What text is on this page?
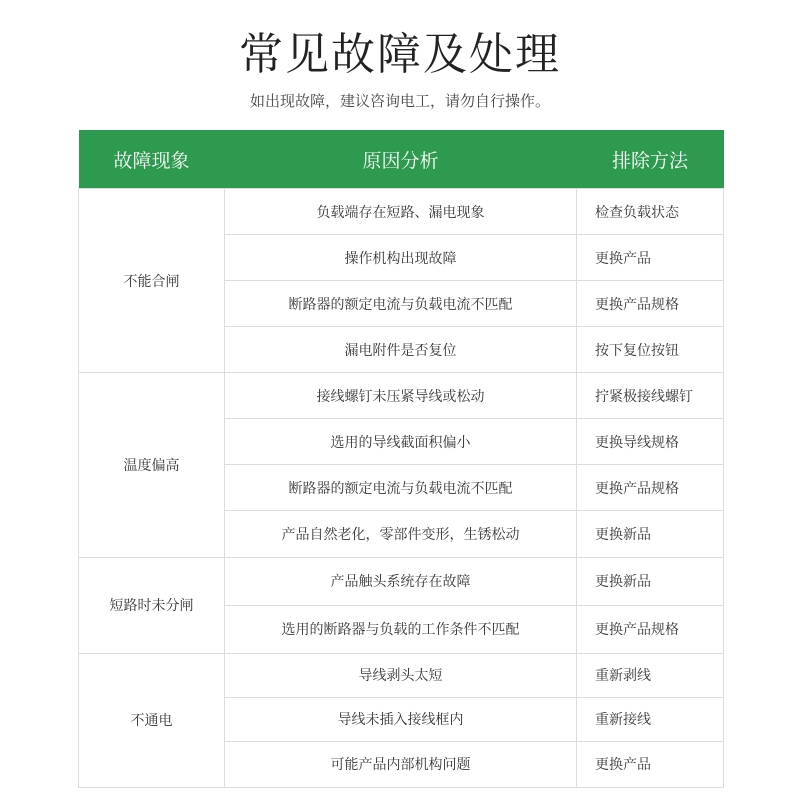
常见故障及处理
如出现故障，建议咨询电工，请勿自行操作。
故障现象	原因分析	排除方法
不能合闸	负载端存在短路、漏电现象	检查负载状态
	操作机构出现故障	更换产品
	断路器的额定电流与负载电流不匹配	更换产品规格
	漏电附件是否复位	按下复位按钮
温度偏高	接线螺钉未压紧导线或松动	拧紧极接线螺钉
	选用的导线截面积偏小	更换导线规格
	断路器的额定电流与负载电流不匹配	更换产品规格
	产品自然老化，零部件变形，生锈松动	更换新品
短路时未分闸	产品触头系统存在故障	更换新品
	选用的断路器与负载的工作条件不匹配	更换产品规格
不通电	导线剥头太短	重新剥线
	导线未插入接线框内	重新接线
	可能产品内部机构问题	更换产品
